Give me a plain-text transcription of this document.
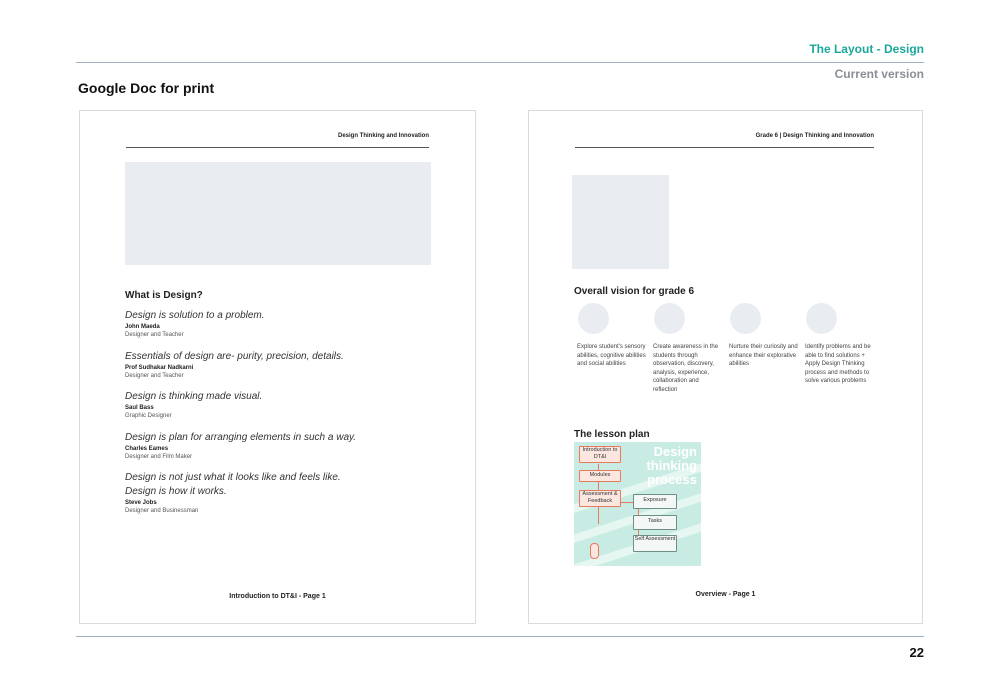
The Layout - Design
Current version
Google Doc for print
Design Thinking and Innovation
What is Design?
Design is solution to a problem.
John Maeda
Designer and Teacher
Essentials of design are- purity, precision, details.
Prof Sudhakar Nadkarni
Designer and Teacher
Design is thinking made visual.
Saul Bass
Graphic Designer
Design is plan for arranging elements in such a way.
Charles Eames
Designer and Film Maker
Design is not just what it looks like and feels like.
Design is how it works.
Steve Jobs
Designer and Businessman
Introduction to DT&I - Page 1
Grade 6 | Design Thinking and Innovation
Overall vision for grade 6
Explore student's sensory abilities, cognitive abilities and social abilities
Create awareness in the students through observation, discovery, analysis, experience, collaboration and reflection
Nurture their curiosity and enhance their explorative abilities
Identify problems and be able to find solutions + Apply Design Thinking process and methods to solve various problems
The lesson plan
Design
thinking
process
Introduction to DT&I
Modules
Assessment & Feedback	Exposure
Tasks
Self Assessment
Overview - Page 1
22
